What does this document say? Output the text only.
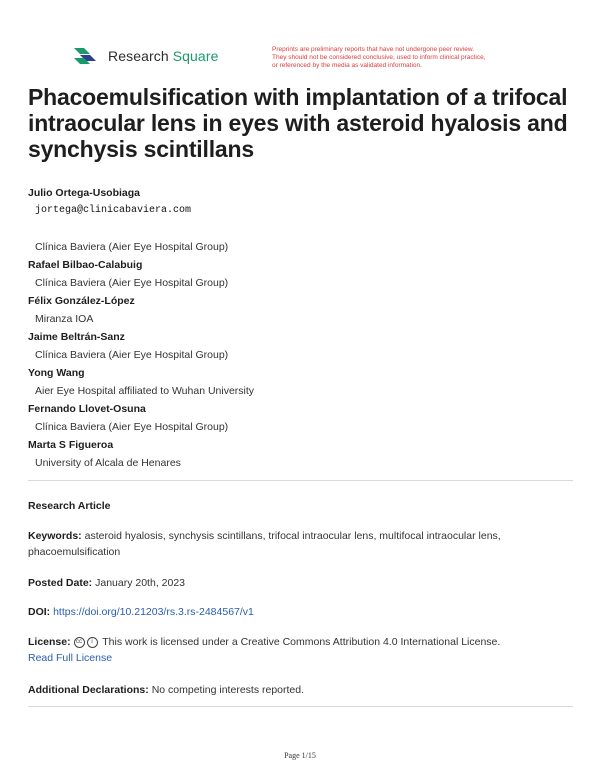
Research Square	Preprints are preliminary reports that have not undergone peer review.
They should not be considered conclusive, used to inform clinical practice,
or referenced by the media as validated information.
Phacoemulsification with implantation of a trifocal intraocular lens in eyes with asteroid hyalosis and synchysis scintillans
Julio Ortega-Usobiaga
jortega@clinicabaviera.com
Clínica Baviera (Aier Eye Hospital Group)
Rafael Bilbao-Calabuig
Clínica Baviera (Aier Eye Hospital Group)
Félix González-López
Miranza IOA
Jaime Beltrán-Sanz
Clínica Baviera (Aier Eye Hospital Group)
Yong Wang
Aier Eye Hospital affiliated to Wuhan University
Fernando Llovet-Osuna
Clínica Baviera (Aier Eye Hospital Group)
Marta S Figueroa
University of Alcala de Henares
Research Article
Keywords: asteroid hyalosis, synchysis scintillans, trifocal intraocular lens, multifocal intraocular lens, phacoemulsification
Posted Date: January 20th, 2023
DOI: https://doi.org/10.21203/rs.3.rs-2484567/v1
License: cc i This work is licensed under a Creative Commons Attribution 4.0 International License.
Read Full License
Additional Declarations: No competing interests reported.
Page 1/15
